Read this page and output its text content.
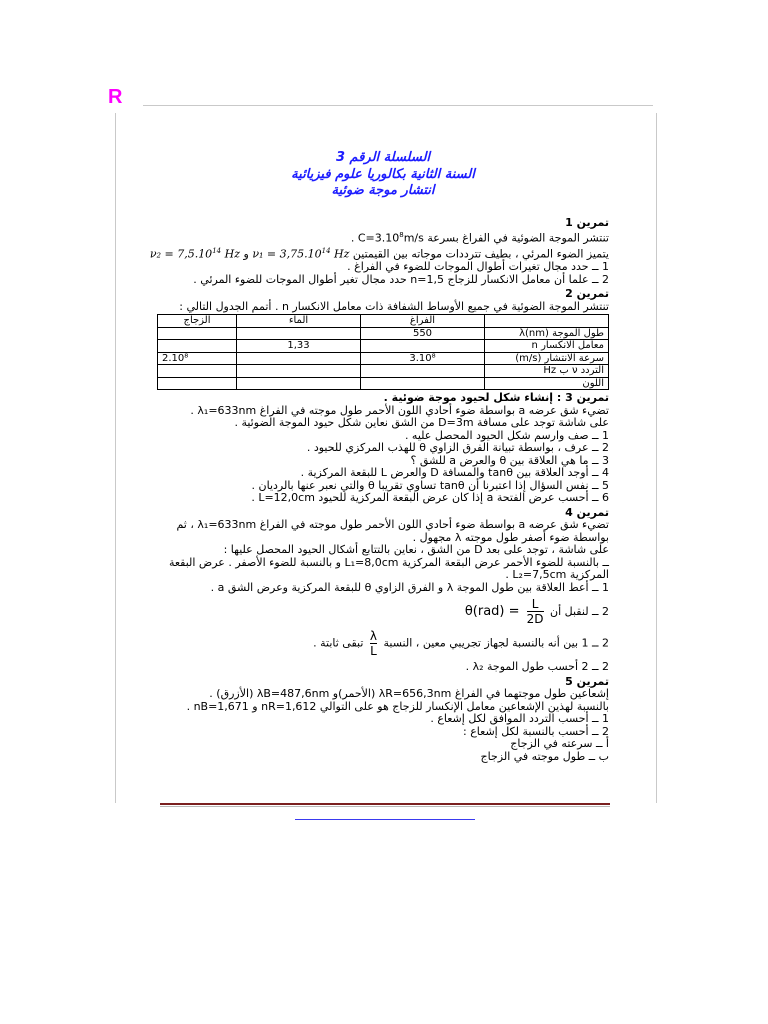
R
السلسلة الرقم 3
السنة الثانية بكالوريا علوم فيزيائية
انتشار موجة ضوئية
تمرين 1
تنتشر الموجة الضوئية في الفراغ بسرعة $C=3.10^8m/s$ .
يتميز الضوء المرئي ، بطيف تترددات موجاته بين القيمتين $\nu_1 = 3,75.10^{14}$ Hz و $\nu_2 = 7,5.10^{14}$ Hz
1 ــ حدد مجال تغيرات أطوال الموجات للضوء في الفراغ .
2 ــ علما أن معامل الانكسار للزجاج n=1,5 حدد مجال تغير أطوال الموجات للضوء المرئي .
تمرين 2
تنتشر الموجة الضوئية في جميع الأوساط الشفافة ذات معامل الانكسار n . أتمم الجدول التالي :
	الفراغ	الماء	الزجاج
طول الموجة λ(nm)	550		
معامل الانكسار n		1,33	
سرعة الانتشار (m/s)	3.10⁸		2.10⁸
التردد ν ب Hz			
اللون			
تمرين 3 : إنشاء شكل لحيود موجة ضوئية .
تضيء شق عرضه a بواسطة ضوء أحادي اللون الأحمر طول موجته في الفراغ λ₁=633nm .
على شاشة توجد على مسافة D=3m من الشق نعاين شكل حيود الموجة الضوئية .
1 ــ صف وارسم شكل الحيود المحصل عليه .
2 ــ عرف ، بواسطة تبيانة الفرق الزاوي θ للهذب المركزي للحيود .
3 ــ ما هي العلاقة بين θ والعرض a للشق ؟
4 ــ أوجد العلاقة بين tanθ والمسافة D والعرض L للبقعة المركزية .
5 ــ نفس السؤال إذا اعتبرنا أن tanθ تساوي تقريبا θ والتي نعبر عنها بالرديان .
6 ــ أحسب عرض الفتحة a إذا كان عرض البقعة المركزية للحيود L=12,0cm .
تمرين 4
تضيء شق عرضه a بواسطة ضوء أحادي اللون الأحمر طول موجته في الفراغ λ₁=633nm ، ثم بواسطة ضوء أصفر طول موجته λ مجهول .
على شاشة ، توجد على بعد D من الشق ، نعاين بالتتابع أشكال الحيود المحصل عليها :
ــ بالنسبة للضوء الأحمر عرض البقعة المركزية L₁=8,0cm و بالنسبة للضوء الأصفر . عرض البقعة المركزية L₂=7,5cm .
1 ــ أعط العلاقة بين طول الموجة λ و الفرق الزاوي θ للبقعة المركزية وعرض الشق a .
2 ــ لنقبل أن $\theta(rad) = \frac{L}{2D}$
2 ــ 1 بين أنه بالنسبة لجهاز تجريبي معين ، النسبة
$\frac{\lambda}{L}$
تبقى ثابتة .
2 ــ 2 أحسب طول الموجة λ₂ .
تمرين 5
إشعاعين طول موجتهما في الفراغ λR=656,3nm (الأحمر)و λB=487,6nm (الأزرق) .
بالنسبة لهذين الإشعاعين معامل الإنكسار للزجاج هو على التوالي nR=1,612 و nB=1,671 .
1 ــ أحسب التردد الموافق لكل إشعاع .
2 ــ أحسب بالنسبة لكل إشعاع :
أ ــ سرعته في الزجاج
ب ــ طول موجته في الزجاج
